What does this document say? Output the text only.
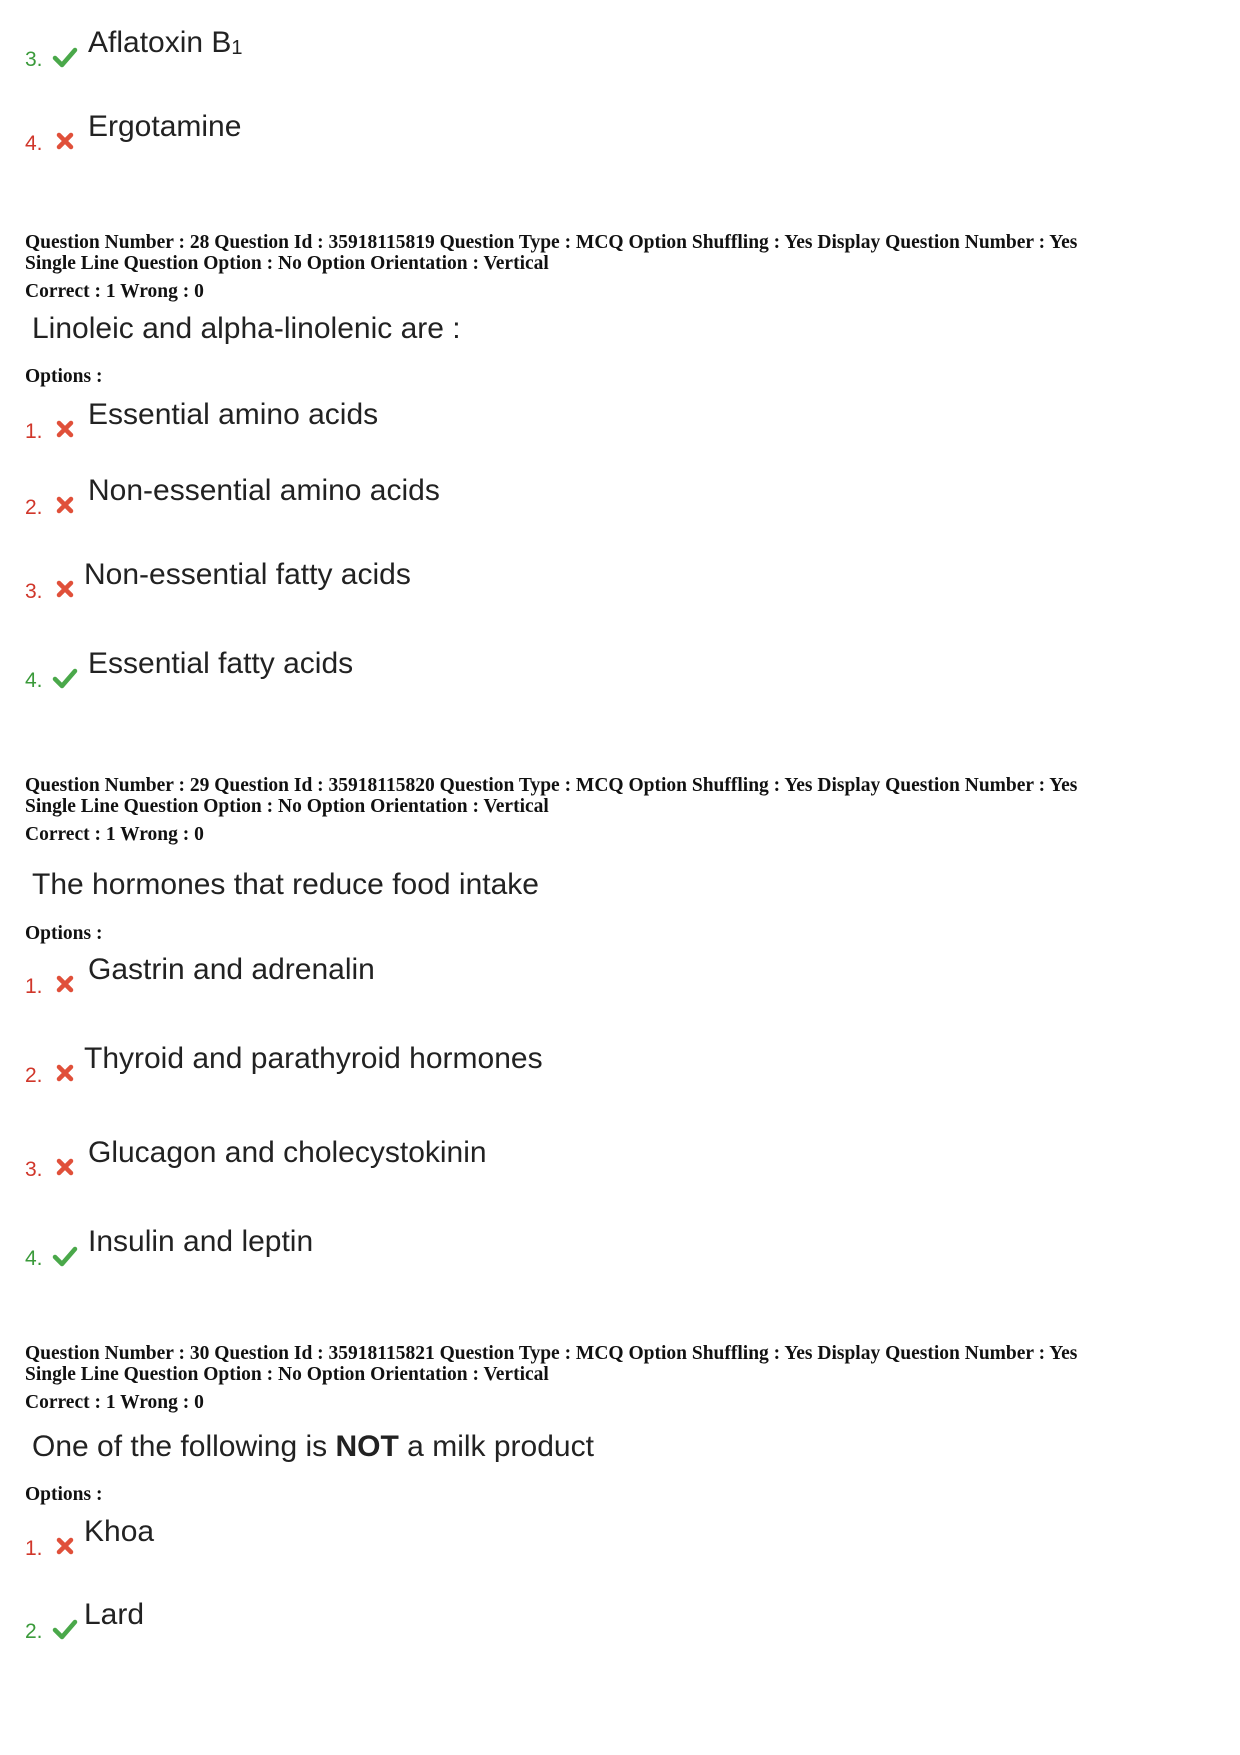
3.
Aflatoxin $B_1$
4.
Ergotamine

Question Number : 28 Question Id : 35918115819 Question Type : MCQ Option Shuffling : Yes Display Question Number : Yes

Single Line Question Option : No Option Orientation : Vertical

Correct : 1 Wrong : 0

Linoleic and alpha-linolenic are :

Options :

1.
Essential amino acids
2.
Non-essential amino acids
3.
Non-essential fatty acids
4.
Essential fatty acids

Question Number : 29 Question Id : 35918115820 Question Type : MCQ Option Shuffling : Yes Display Question Number : Yes

Single Line Question Option : No Option Orientation : Vertical

Correct : 1 Wrong : 0

The hormones that reduce food intake

Options :

1.
Gastrin and adrenalin
2.
Thyroid and parathyroid hormones
3.
Glucagon and cholecystokinin
4.
Insulin and leptin

Question Number : 30 Question Id : 35918115821 Question Type : MCQ Option Shuffling : Yes Display Question Number : Yes

Single Line Question Option : No Option Orientation : Vertical

Correct : 1 Wrong : 0

One of the following is NOT a milk product

Options :

1.
Khoa
2.
Lard
